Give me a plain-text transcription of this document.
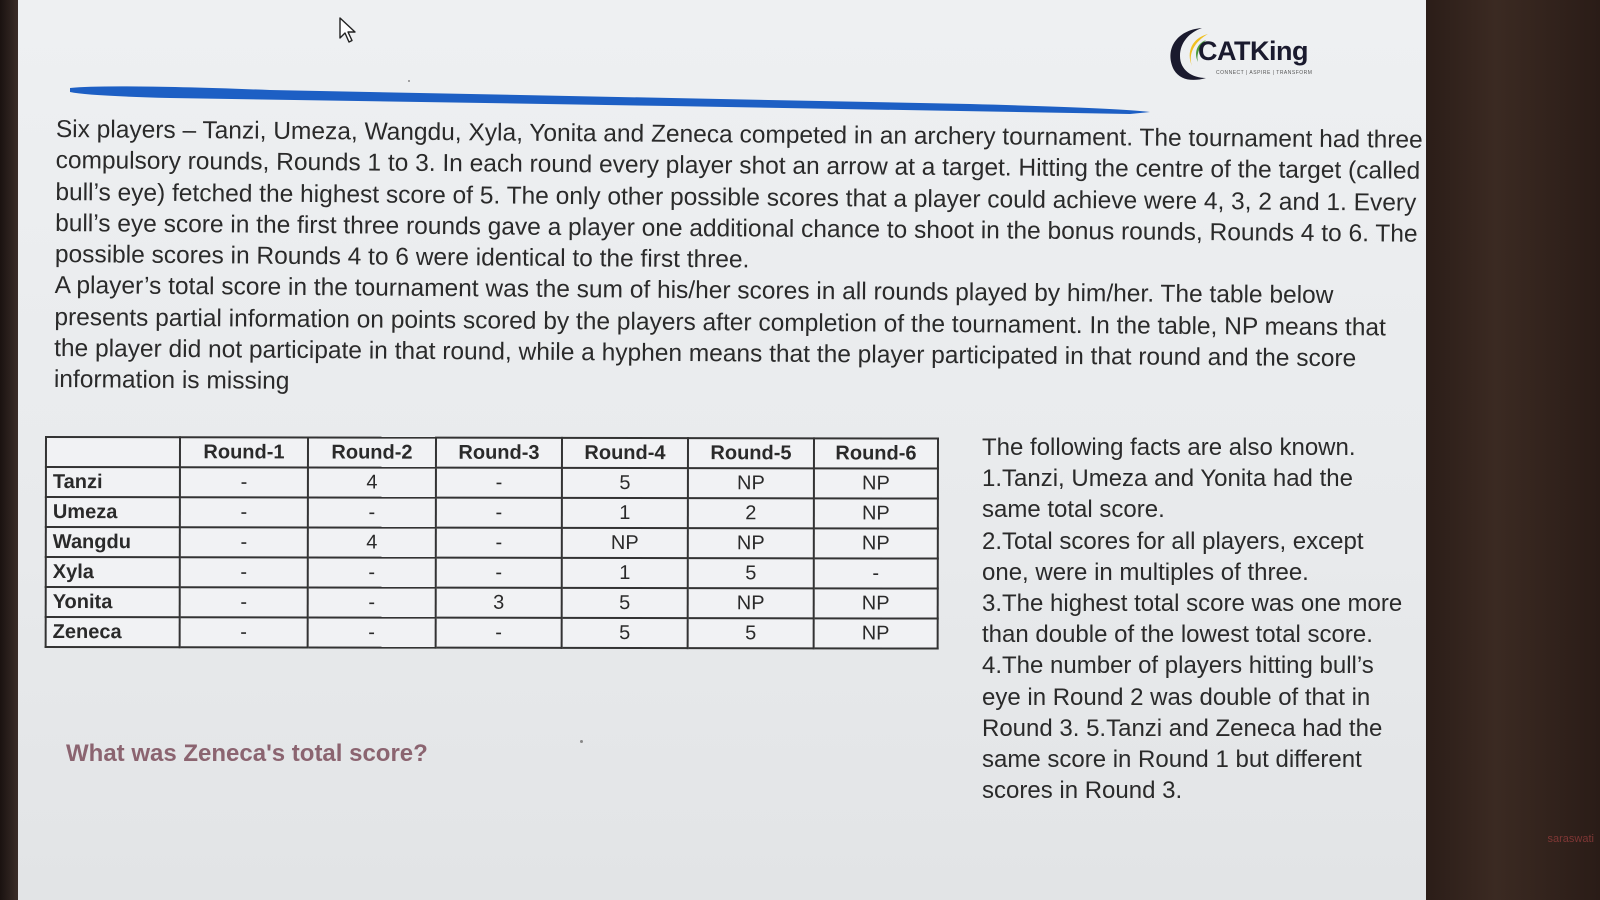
saraswati
CATKing
CONNECT | ASPIRE | TRANSFORM

Six players – Tanzi, Umeza, Wangdu, Xyla, Yonita and Zeneca competed in an archery tournament. The tournament had three compulsory rounds, Rounds 1 to 3. In each round every player shot an arrow at a target. Hitting the centre of the target (called bull’s eye) fetched the highest score of 5. The only other possible scores that a player could achieve were 4, 3, 2 and 1. Every bull’s eye score in the first three rounds gave a player one additional chance to shoot in the bonus rounds, Rounds 4 to 6. The possible scores in Rounds 4 to 6 were identical to the first three.

A player’s total score in the tournament was the sum of his/her scores in all rounds played by him/her. The table below presents partial information on points scored by the players after completion of the tournament. In the table, NP means that the player did not participate in that round, while a hyphen means that the player participated in that round and the score information is missing

	Round-1	Round-2	Round-3	Round-4	Round-5	Round-6
Tanzi	-	4	-	5	NP	NP
Umeza	-	-	-	1	2	NP
Wangdu	-	4	-	NP	NP	NP
Xyla	-	-	-	1	5	-
Yonita	-	-	3	5	NP	NP
Zeneca	-	-	-	5	5	NP

The following facts are also known.

1.Tanzi, Umeza and Yonita had the same total score.

2.Total scores for all players, except one, were in multiples of three.

3.The highest total score was one more than double of the lowest total score.

4.The number of players hitting bull’s eye in Round 2 was double of that in Round 3. 5.Tanzi and Zeneca had the same score in Round 1 but different scores in Round 3.

What was Zeneca's total score?
